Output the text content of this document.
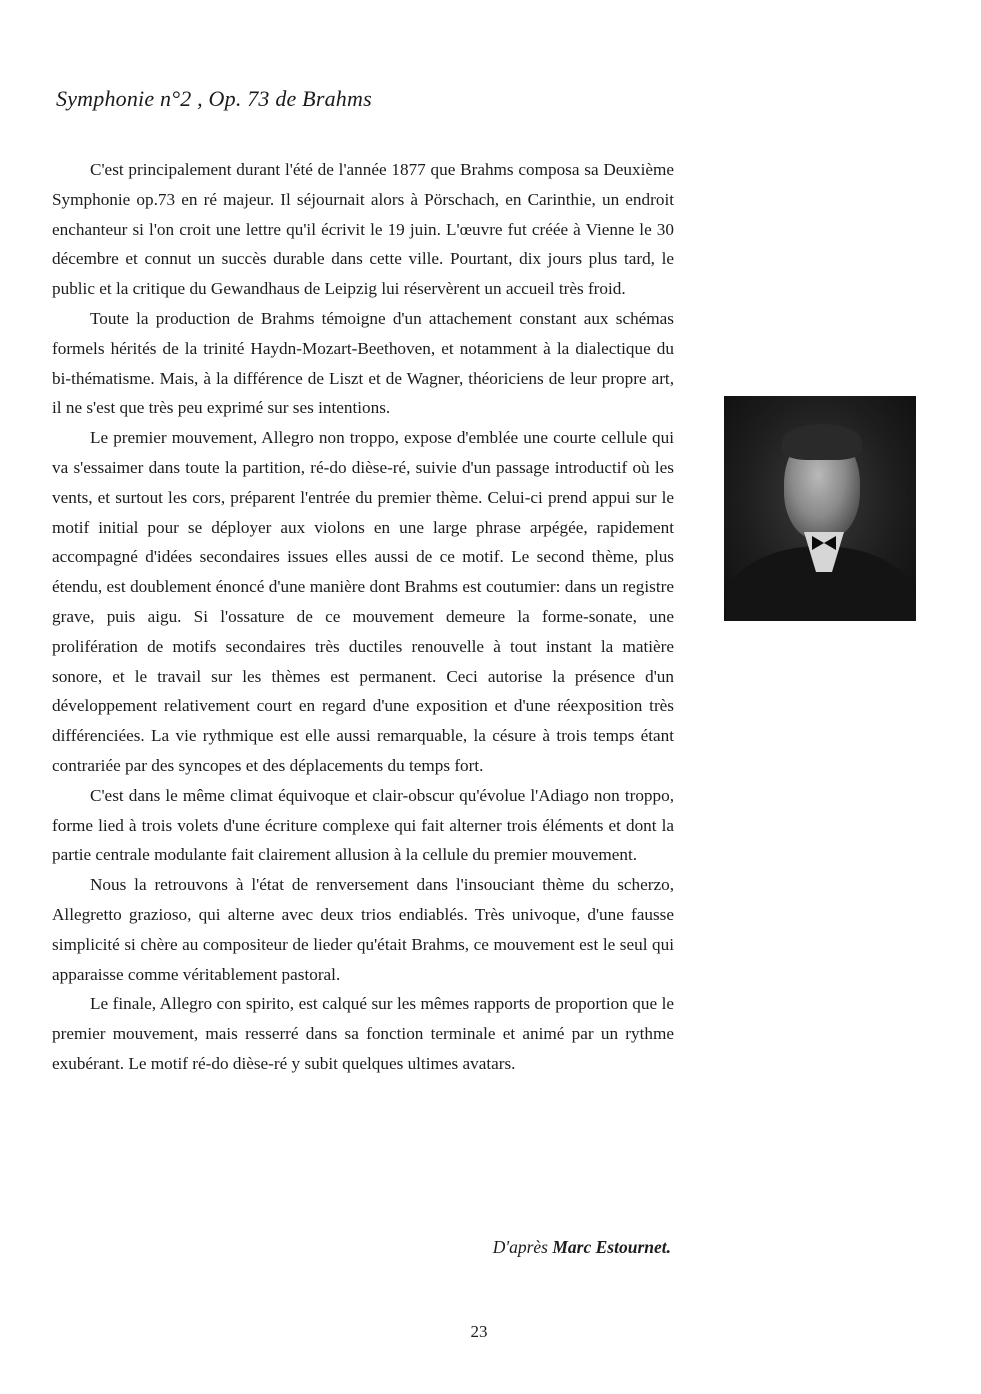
Symphonie n°2 , Op. 73 de Brahms

C'est principalement durant l'été de l'année 1877 que Brahms composa sa Deuxième Symphonie op.73 en ré majeur. Il séjournait alors à Pörschach, en Carinthie, un endroit enchanteur si l'on croit une lettre qu'il écrivit le 19 juin. L'œuvre fut créée à Vienne le 30 décembre et connut un succès durable dans cette ville. Pourtant, dix jours plus tard, le public et la critique du Gewandhaus de Leipzig lui réservèrent un accueil très froid.

Toute la production de Brahms témoigne d'un attachement constant aux schémas formels hérités de la trinité Haydn-Mozart-Beethoven, et notamment à la dialectique du bi-thématisme. Mais, à la différence de Liszt et de Wagner, théoriciens de leur propre art, il ne s'est que très peu exprimé sur ses intentions.

Le premier mouvement, Allegro non troppo, expose d'emblée une courte cellule qui va s'essaimer dans toute la partition, ré-do dièse-ré, suivie d'un passage introductif où les vents, et surtout les cors, préparent l'entrée du premier thème. Celui-ci prend appui sur le motif initial pour se déployer aux violons en une large phrase arpégée, rapidement accompagné d'idées secondaires issues elles aussi de ce motif. Le second thème, plus étendu, est doublement énoncé d'une manière dont Brahms est coutumier: dans un registre grave, puis aigu. Si l'ossature de ce mouvement demeure la forme-sonate, une prolifération de motifs secondaires très ductiles renouvelle à tout instant la matière sonore, et le travail sur les thèmes est permanent. Ceci autorise la présence d'un développement relativement court en regard d'une exposition et d'une réexposition très différenciées. La vie rythmique est elle aussi remarquable, la césure à trois temps étant contrariée par des syncopes et des déplacements du temps fort.

C'est dans le même climat équivoque et clair-obscur qu'évolue l'Adiago non troppo, forme lied à trois volets d'une écriture complexe qui fait alterner trois éléments et dont la partie centrale modulante fait clairement allusion à la cellule du premier mouvement.

Nous la retrouvons à l'état de renversement dans l'insouciant thème du scherzo, Allegretto grazioso, qui alterne avec deux trios endiablés. Très univoque, d'une fausse simplicité si chère au compositeur de lieder qu'était Brahms, ce mouvement est le seul qui apparaisse comme véritablement pastoral.

Le finale, Allegro con spirito, est calqué sur les mêmes rapports de proportion que le premier mouvement, mais resserré dans sa fonction terminale et animé par un rythme exubérant. Le motif ré-do dièse-ré y subit quelques ultimes avatars.

D'après Marc Estournet.

23
